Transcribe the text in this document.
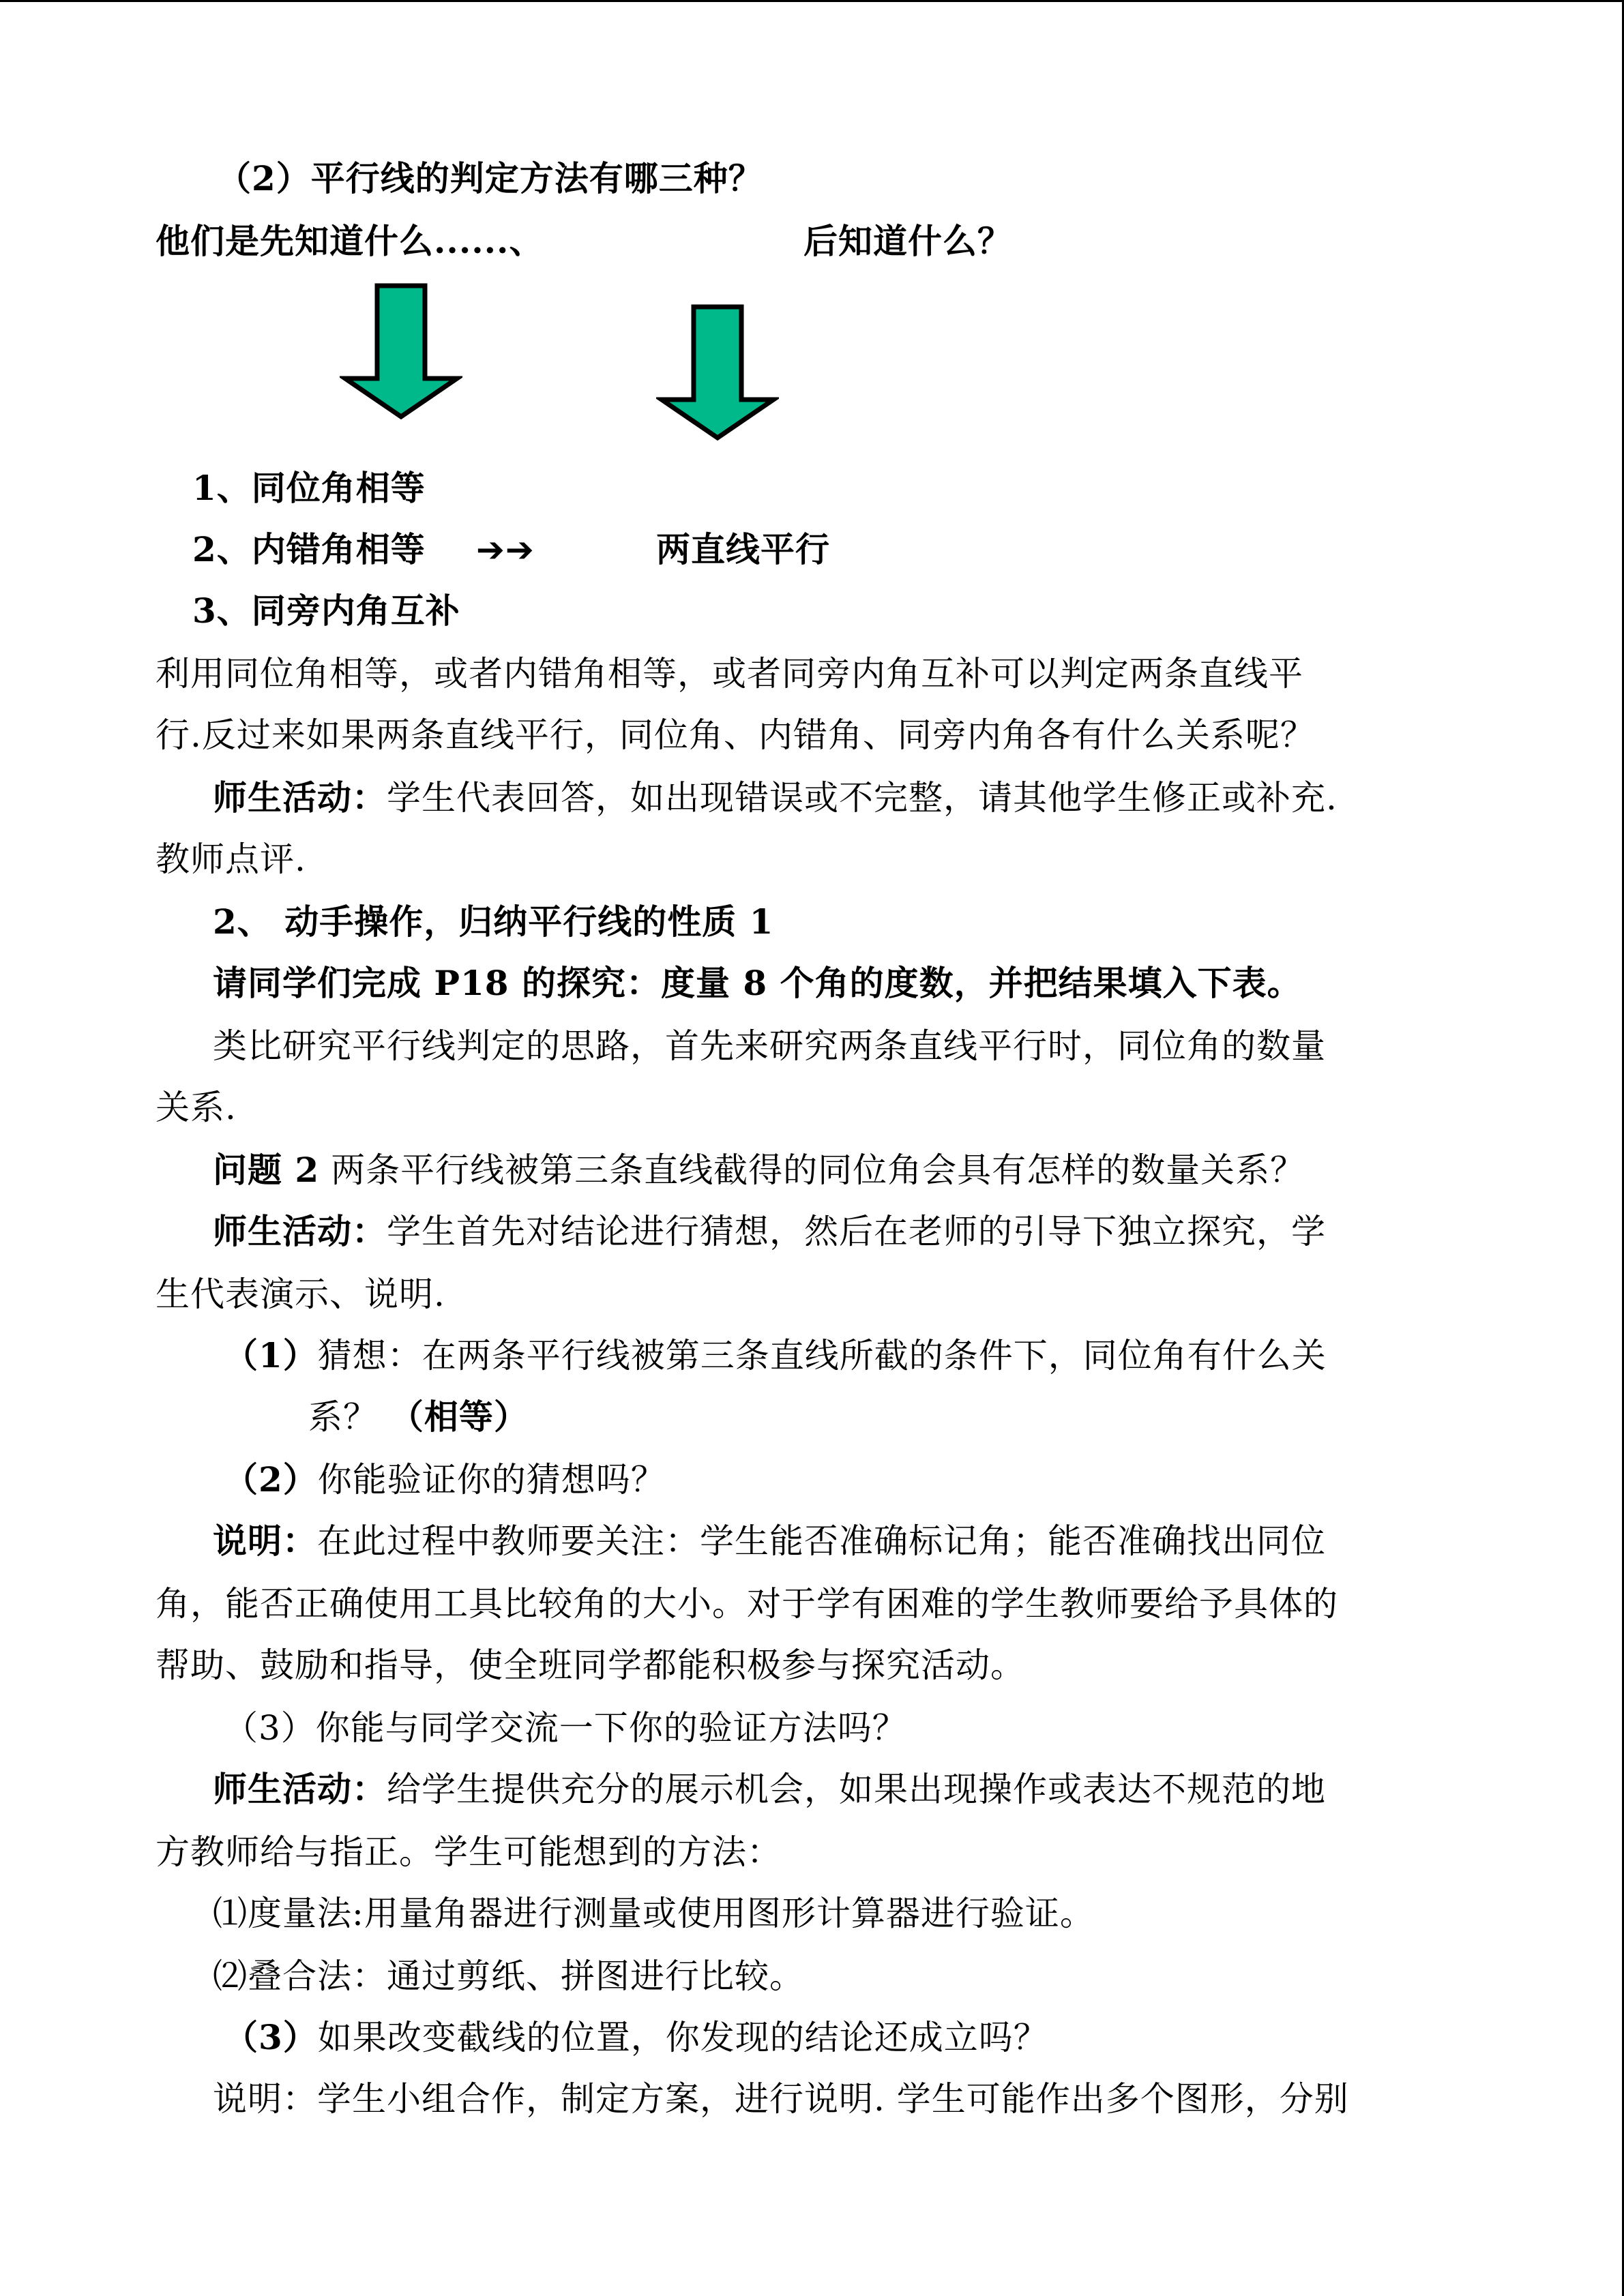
（2）平行线的判定方法有哪三种？
他们是先知道什么......、	后知道什么？
1、同位角相等
2、内错角相等 ➔➔	两直线平行
3、同旁内角互补
利用同位角相等，或者内错角相等，或者同旁内角互补可以判定两条直线平
行.反过来如果两条直线平行，同位角、内错角、同旁内角各有什么关系呢？
师生活动：学生代表回答，如出现错误或不完整，请其他学生修正或补充.
教师点评.
2、 动手操作，归纳平行线的性质 1
请同学们完成 P18 的探究：度量 8 个角的度数，并把结果填入下表。
类比研究平行线判定的思路，首先来研究两条直线平行时，同位角的数量
关系.
问题 2 两条平行线被第三条直线截得的同位角会具有怎样的数量关系？
师生活动：学生首先对结论进行猜想，然后在老师的引导下独立探究，学
生代表演示、说明.
（1）猜想：在两条平行线被第三条直线所截的条件下，同位角有什么关
系？ （相等）
（2）你能验证你的猜想吗？
说明：在此过程中教师要关注：学生能否准确标记角；能否准确找出同位
角，能否正确使用工具比较角的大小。对于学有困难的学生教师要给予具体的
帮助、鼓励和指导，使全班同学都能积极参与探究活动。
（3）你能与同学交流一下你的验证方法吗？
师生活动：给学生提供充分的展示机会，如果出现操作或表达不规范的地
方教师给与指正。学生可能想到的方法：
⑴度量法:用量角器进行测量或使用图形计算器进行验证。
⑵叠合法：通过剪纸、拼图进行比较。
（3）如果改变截线的位置，你发现的结论还成立吗？
说明：学生小组合作，制定方案，进行说明. 学生可能作出多个图形，分别
